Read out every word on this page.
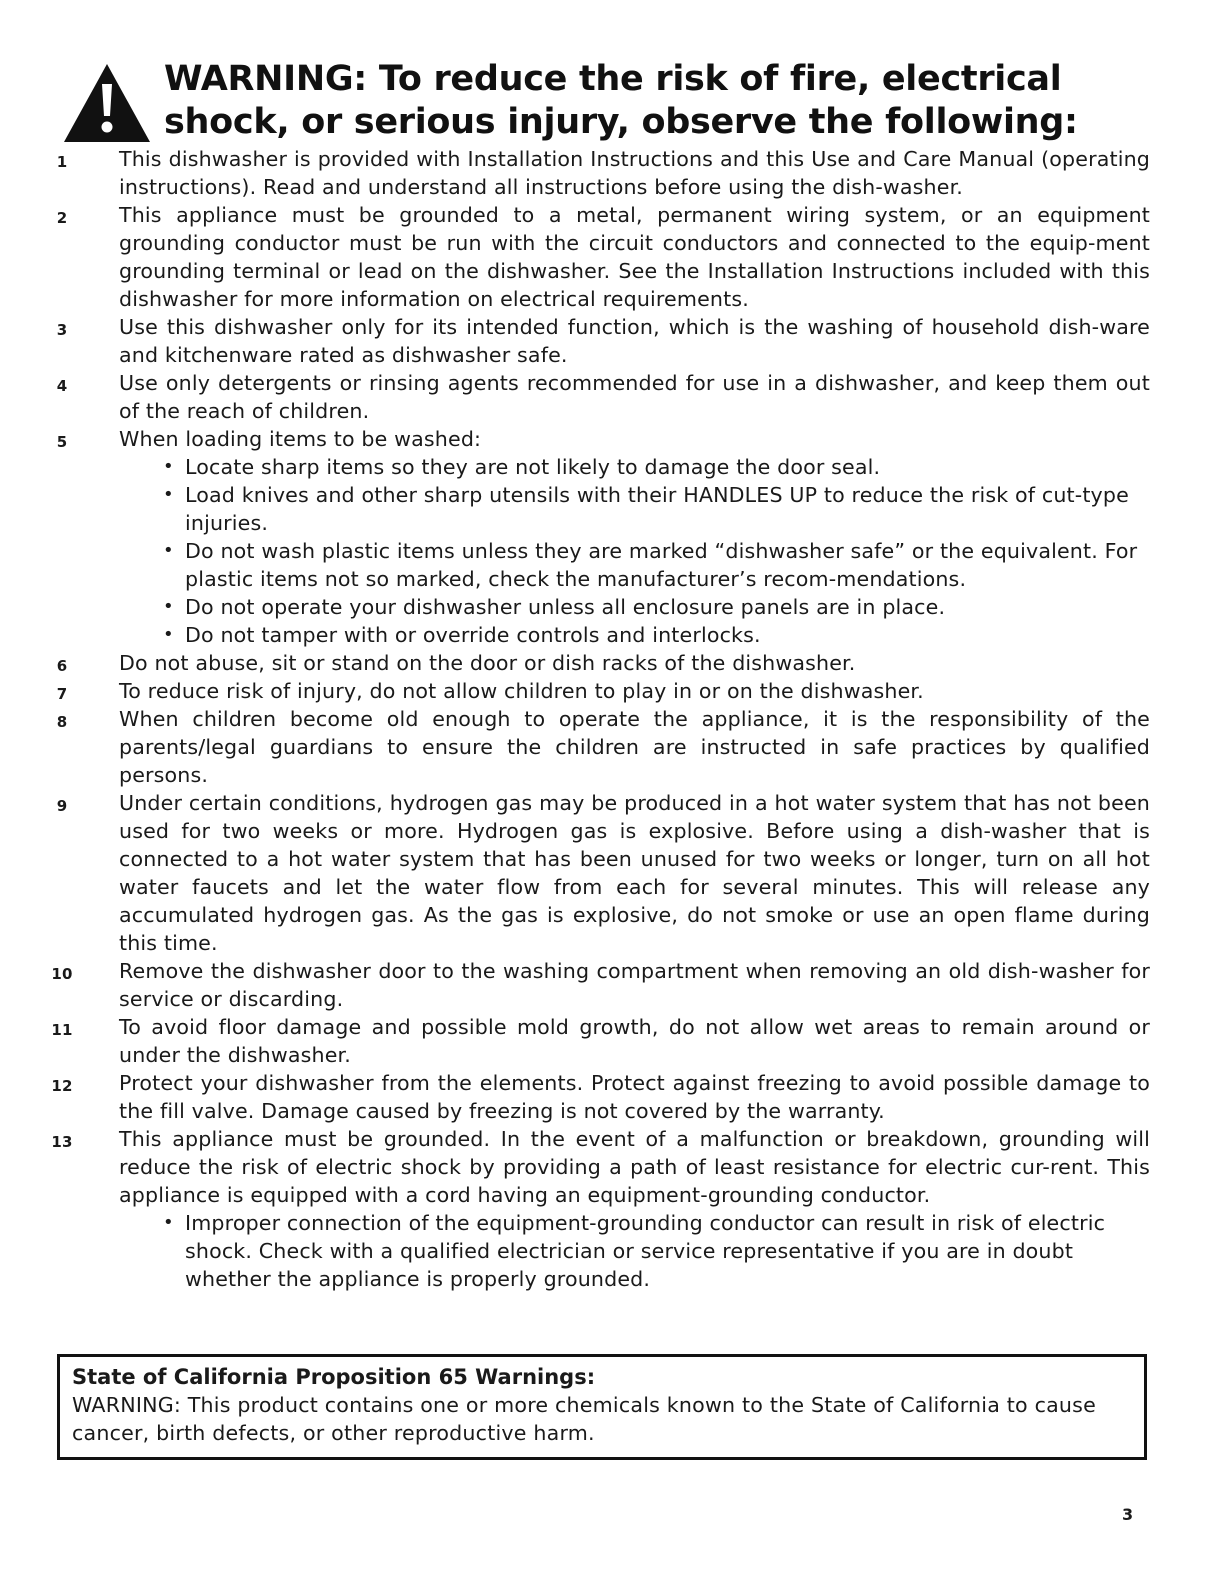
WARNING: To reduce the risk of fire, electrical
shock, or serious injury, observe the following:
1	This dishwasher is provided with Installation Instructions and this Use and Care Manual (operating instructions). Read and understand all instructions before using the dish-washer.
2	This appliance must be grounded to a metal, permanent wiring system, or an equipment grounding conductor must be run with the circuit conductors and connected to the equip-ment grounding terminal or lead on the dishwasher. See the Installation Instructions included with this dishwasher for more information on electrical requirements.
3	Use this dishwasher only for its intended function, which is the washing of household dish-ware and kitchenware rated as dishwasher safe.
4	Use only detergents or rinsing agents recommended for use in a dishwasher, and keep them out of the reach of children.
5	When loading items to be washed:
• Locate sharp items so they are not likely to damage the door seal.
• Load knives and other sharp utensils with their HANDLES UP to reduce the risk of cut-type injuries.
• Do not wash plastic items unless they are marked “dishwasher safe” or the equivalent. For plastic items not so marked, check the manufacturer’s recom-mendations.
• Do not operate your dishwasher unless all enclosure panels are in place.
• Do not tamper with or override controls and interlocks.
6	Do not abuse, sit or stand on the door or dish racks of the dishwasher.
7	To reduce risk of injury, do not allow children to play in or on the dishwasher.
8	When children become old enough to operate the appliance, it is the responsibility of the parents/legal guardians to ensure the children are instructed in safe practices by qualified persons.
9	Under certain conditions, hydrogen gas may be produced in a hot water system that has not been used for two weeks or more. Hydrogen gas is explosive. Before using a dish-washer that is connected to a hot water system that has been unused for two weeks or longer, turn on all hot water faucets and let the water flow from each for several minutes. This will release any accumulated hydrogen gas. As the gas is explosive, do not smoke or use an open flame during this time.
10	Remove the dishwasher door to the washing compartment when removing an old dish-washer for service or discarding.
11	To avoid floor damage and possible mold growth, do not allow wet areas to remain around or under the dishwasher.
12	Protect your dishwasher from the elements. Protect against freezing to avoid possible damage to the fill valve. Damage caused by freezing is not covered by the warranty.
13	This appliance must be grounded. In the event of a malfunction or breakdown, grounding will reduce the risk of electric shock by providing a path of least resistance for electric cur-rent. This appliance is equipped with a cord having an equipment-grounding conductor.
• Improper connection of the equipment-grounding conductor can result in risk of electric shock. Check with a qualified electrician or service representative if you are in doubt whether the appliance is properly grounded.
State of California Proposition 65 Warnings:
WARNING: This product contains one or more chemicals known to the State of California to cause cancer, birth defects, or other reproductive harm.
3
